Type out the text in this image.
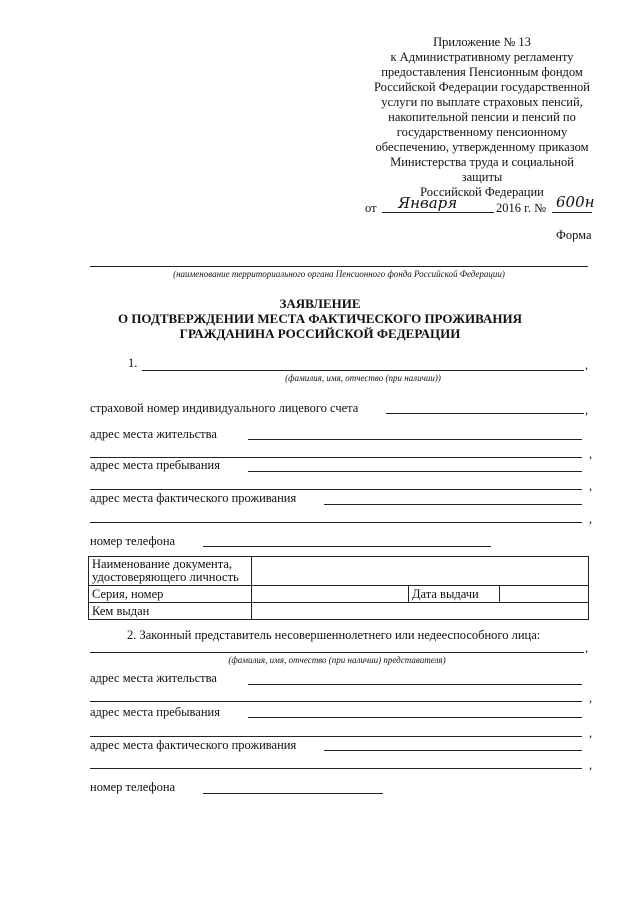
Приложение № 13
к Административному регламенту
предоставления Пенсионным фондом
Российской Федерации государственной
услуги по выплате страховых пенсий,
накопительной пенсии и пенсий по
государственному пенсионному
обеспечению, утвержденному приказом
Министерства труда и социальной
защиты
Российской Федерации
от Января	2016 г. № 600н
Форма
(наименование территориального органа Пенсионного фонда Российской Федерации)
ЗАЯВЛЕНИЕ
О ПОДТВЕРЖДЕНИИ МЕСТА ФАКТИЧЕСКОГО ПРОЖИВАНИЯ
ГРАЖДАНИНА РОССИЙСКОЙ ФЕДЕРАЦИИ
1.	,
(фамилия, имя, отчество (при наличии))
страховой номер индивидуального лицевого счета	,
адрес места жительства
,
адрес места пребывания
,
адрес места фактического проживания
,
номер телефона
Наименование документа, удостоверяющего личность			
Серия, номер		Дата выдачи	
Кем выдан			
2. Законный представитель несовершеннолетнего или недееспособного лица:
,
(фамилия, имя, отчество (при наличии) представителя)
адрес места жительства
,
адрес места пребывания
,
адрес места фактического проживания
,
номер телефона
